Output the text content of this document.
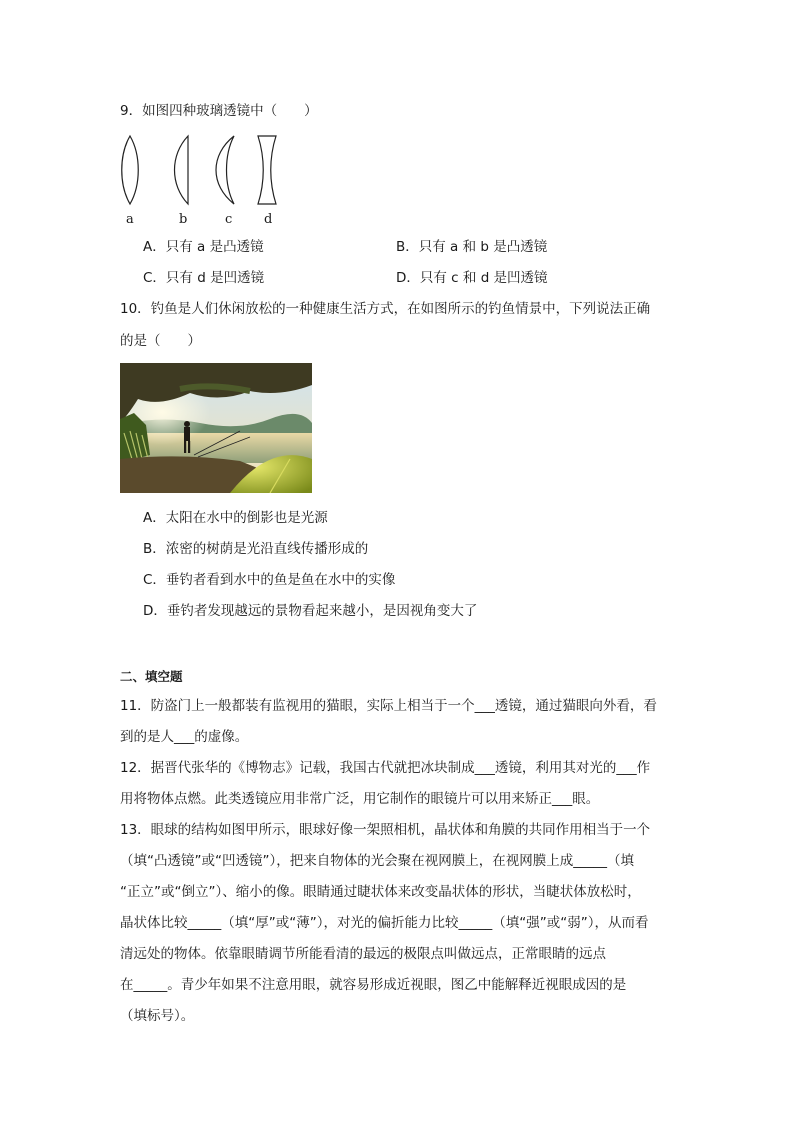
9．如图四种玻璃透镜中（　　）
a	b	c d
A．只有 a 是凸透镜	B．只有 a 和 b 是凸透镜
C．只有 d 是凹透镜	D．只有 c 和 d 是凹透镜
10．钓鱼是人们休闲放松的一种健康生活方式，在如图所示的钓鱼情景中，下列说法正确
的是（　　）
A．太阳在水中的倒影也是光源
B．浓密的树荫是光沿直线传播形成的
C．垂钓者看到水中的鱼是鱼在水中的实像
D．垂钓者发现越远的景物看起来越小，是因视角变大了
二、填空题
11．防盗门上一般都装有监视用的猫眼，实际上相当于一个___透镜，通过猫眼向外看，看
到的是人___的虚像。
12．据晋代张华的《博物志》记载，我国古代就把冰块制成___透镜，利用其对光的___作
用将物体点燃。此类透镜应用非常广泛，用它制作的眼镜片可以用来矫正___眼。
13．眼球的结构如图甲所示，眼球好像一架照相机，晶状体和角膜的共同作用相当于一个
（填“凸透镜”或“凹透镜”），把来自物体的光会聚在视网膜上，在视网膜上成_____（填
“正立”或“倒立”）、缩小的像。眼睛通过睫状体来改变晶状体的形状，当睫状体放松时，
晶状体比较_____（填“厚”或“薄”），对光的偏折能力比较_____（填“强”或“弱”），从而看
清远处的物体。依靠眼睛调节所能看清的最远的极限点叫做远点，正常眼睛的远点
在_____。青少年如果不注意用眼，就容易形成近视眼，图乙中能解释近视眼成因的是
（填标号）。
